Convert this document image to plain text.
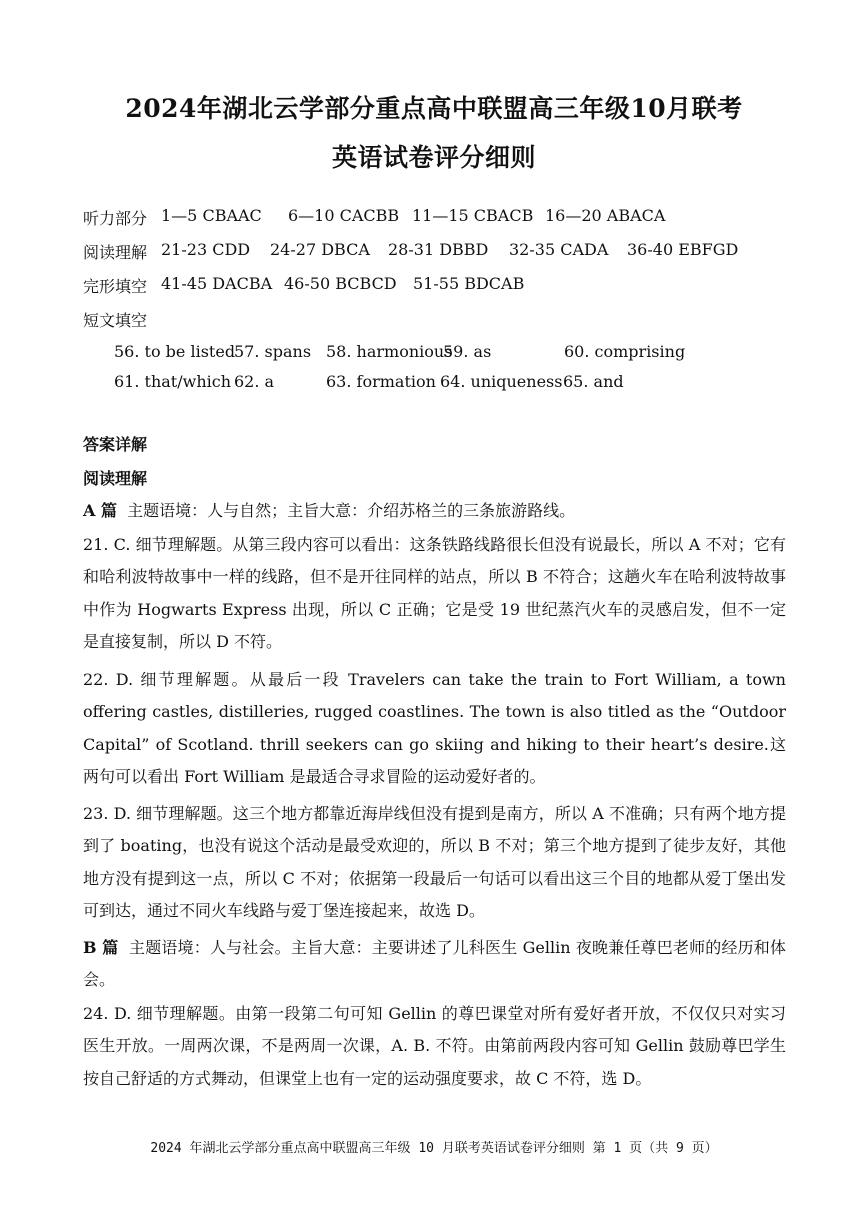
2024年湖北云学部分重点高中联盟高三年级10月联考
英语试卷评分细则
听力部分 1—5 CBAAC 6—10 CACBB 11—15 CBACB 16—20 ABACA
阅读理解 21-23 CDD 24-27 DBCA 28-31 DBBD 32-35 CADA 36-40 EBFGD
完形填空 41-45 DACBA 46-50 BCBCD 51-55 BDCAB
短文填空
56. to be listed
57. spans 58. harmonious
59. as	60. comprising
61. that/which 62. a	63. formation 64. uniqueness 65. and
答案详解
阅读理解
A 篇 主题语境：人与自然；主旨大意：介绍苏格兰的三条旅游路线。
21. C. 细节理解题。从第三段内容可以看出：这条铁路线路很长但没有说最长，所以 A 不对；它有和哈利波特故事中一样的线路，但不是开往同样的站点，所以 B 不符合；这趟火车在哈利波特故事中作为 Hogwarts Express 出现，所以 C 正确；它是受 19 世纪蒸汽火车的灵感启发，但不一定是直接复制，所以 D 不符。
22. D. 细节理解题。从最后一段 Travelers can take the train to Fort William, a town offering castles, distilleries, rugged coastlines. The town is also titled as the “Outdoor Capital” of Scotland. thrill seekers can go skiing and hiking to their heart’s desire.这两句可以看出 Fort William 是最适合寻求冒险的运动爱好者的。
23. D. 细节理解题。这三个地方都靠近海岸线但没有提到是南方，所以 A 不准确；只有两个地方提到了 boating，也没有说这个活动是最受欢迎的，所以 B 不对；第三个地方提到了徒步友好，其他地方没有提到这一点，所以 C 不对；依据第一段最后一句话可以看出这三个目的地都从爱丁堡出发可到达，通过不同火车线路与爱丁堡连接起来，故选 D。
B 篇 主题语境：人与社会。主旨大意：主要讲述了儿科医生 Gellin 夜晚兼任尊巴老师的经历和体会。
24. D. 细节理解题。由第一段第二句可知 Gellin 的尊巴课堂对所有爱好者开放，不仅仅只对实习医生开放。一周两次课，不是两周一次课，A. B. 不符。由第前两段内容可知 Gellin 鼓励尊巴学生按自己舒适的方式舞动，但课堂上也有一定的运动强度要求，故 C 不符，选 D。
2024 年湖北云学部分重点高中联盟高三年级 10 月联考英语试卷评分细则 第 1 页（共 9 页）
